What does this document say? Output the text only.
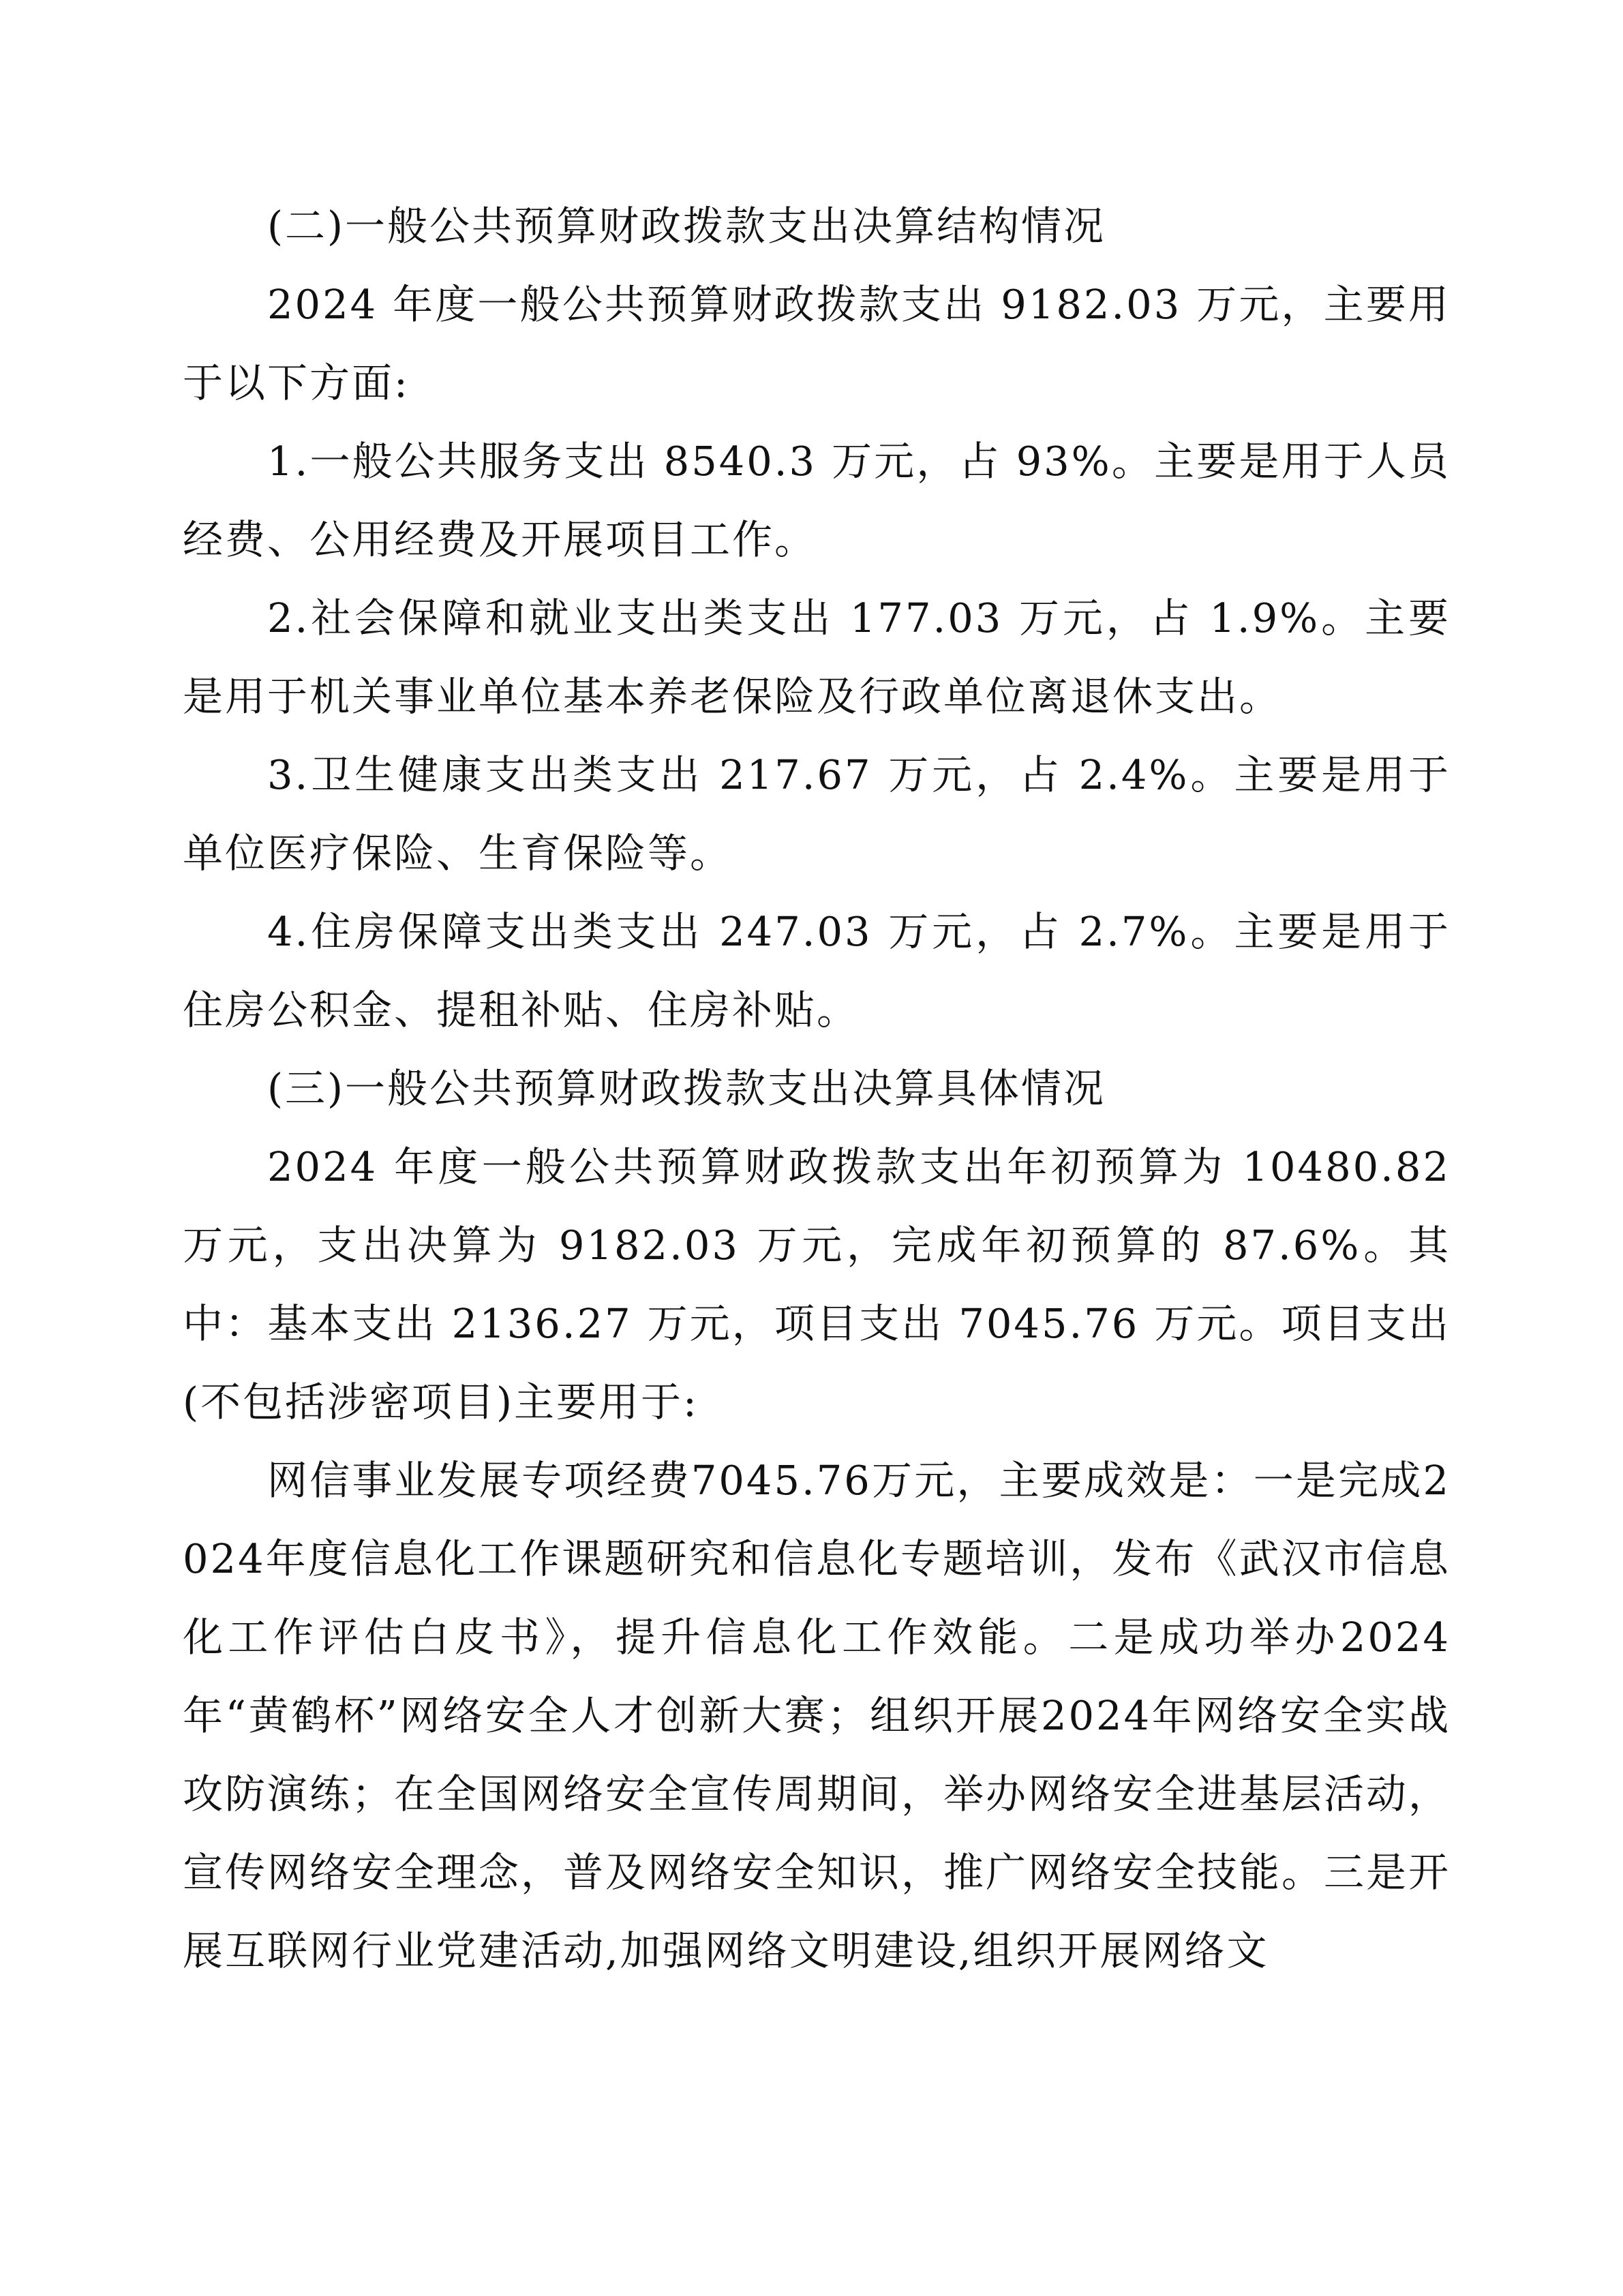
(二)一般公共预算财政拨款支出决算结构情况

2024 年度一般公共预算财政拨款支出 9182.03 万元，主要用于以下方面:

1.一般公共服务支出 8540.3 万元，占 93%。主要是用于人员经费、公用经费及开展项目工作。

2.社会保障和就业支出类支出 177.03 万元，占 1.9%。主要是用于机关事业单位基本养老保险及行政单位离退休支出。

3.卫生健康支出类支出 217.67 万元，占 2.4%。主要是用于单位医疗保险、生育保险等。

4.住房保障支出类支出 247.03 万元，占 2.7%。主要是用于住房公积金、提租补贴、住房补贴。

(三)一般公共预算财政拨款支出决算具体情况

2024 年度一般公共预算财政拨款支出年初预算为 10480.82 万元，支出决算为 9182.03 万元，完成年初预算的 87.6%。其中：基本支出 2136.27 万元，项目支出 7045.76 万元。项目支出(不包括涉密项目)主要用于:

网信事业发展专项经费7045.76万元，主要成效是：一是完成2024年度信息化工作课题研究和信息化专题培训，发布《武汉市信息化工作评估白皮书》，提升信息化工作效能。二是成功举办2024年“黄鹤杯”网络安全人才创新大赛；组织开展2024年网络安全实战攻防演练；在全国网络安全宣传周期间，举办网络安全进基层活动，宣传网络安全理念，普及网络安全知识，推广网络安全技能。三是开展互联网行业党建活动,加强网络文明建设,组织开展网络文
